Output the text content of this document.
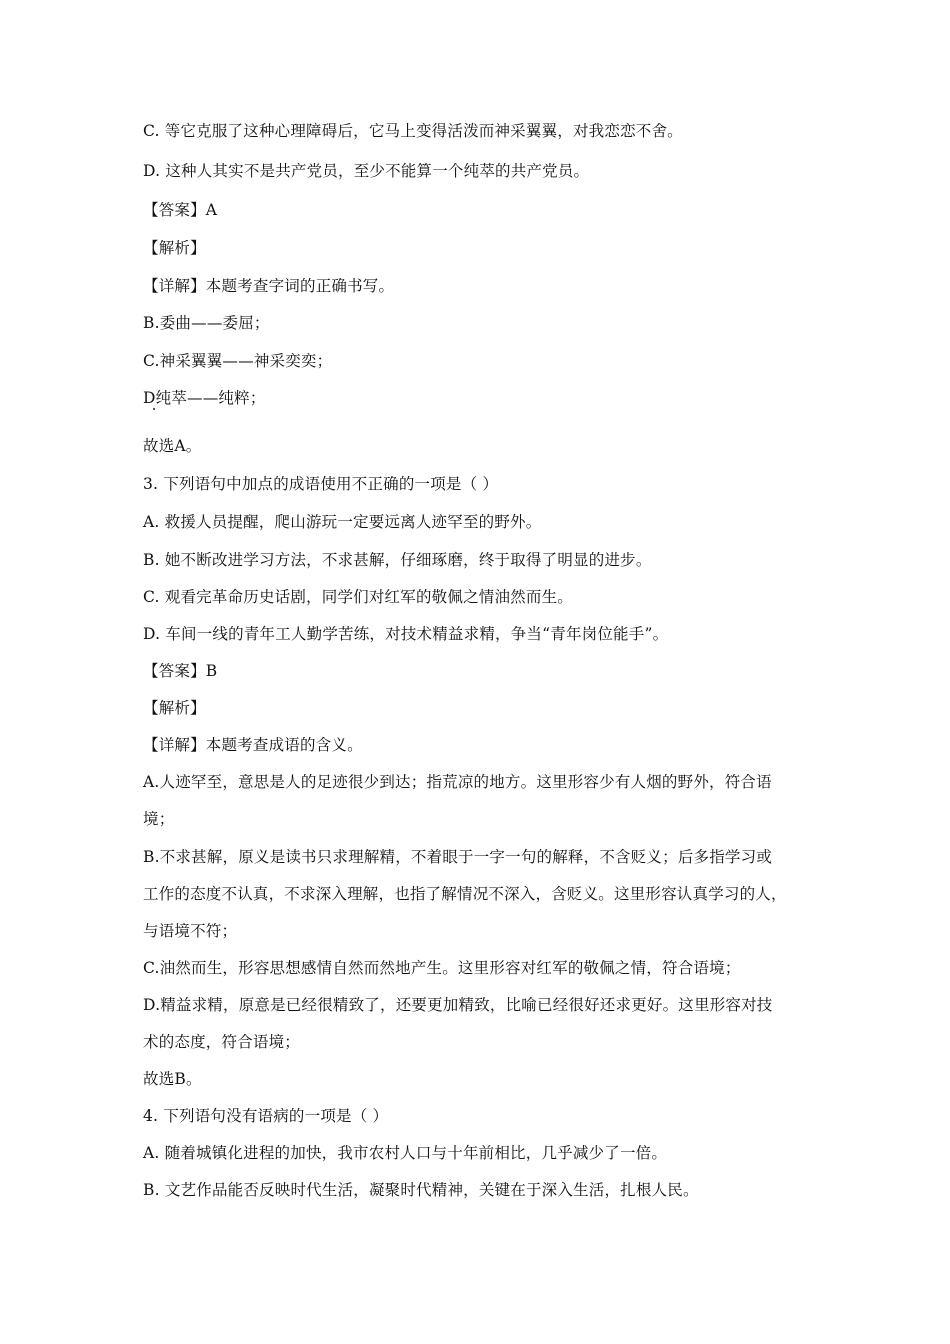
C. 等它克服了这种心理障碍后，它马上变得活泼而神采翼翼，对我恋恋不舍。
D. 这种人其实不是共产党员，至少不能算一个纯萃的共产党员。
【答案】A
【解析】
【详解】本题考查字词的正确书写。
B.委曲——委屈；
C.神采翼翼——神采奕奕；
D纯萃——纯粹；
故选A。
3. 下列语句中加点的成语使用不正确的一项是（ ）
A. 救援人员提醒，爬山游玩一定要远离人迹罕至的野外。
B. 她不断改进学习方法，不求甚解，仔细琢磨，终于取得了明显的进步。
C. 观看完革命历史话剧，同学们对红军的敬佩之情油然而生。
D. 车间一线的青年工人勤学苦练，对技术精益求精，争当“青年岗位能手”。
【答案】B
【解析】
【详解】本题考查成语的含义。
A.人迹罕至，意思是人的足迹很少到达；指荒凉的地方。这里形容少有人烟的野外，符合语
境；
B.不求甚解，原义是读书只求理解精，不着眼于一字一句的解释，不含贬义；后多指学习或
工作的态度不认真，不求深入理解，也指了解情况不深入，含贬义。这里形容认真学习的人，
与语境不符；
C.油然而生，形容思想感情自然而然地产生。这里形容对红军的敬佩之情，符合语境；
D.精益求精，原意是已经很精致了，还要更加精致，比喻已经很好还求更好。这里形容对技
术的态度，符合语境；
故选B。
4. 下列语句没有语病的一项是（ ）
A. 随着城镇化进程的加快，我市农村人口与十年前相比，几乎减少了一倍。
B. 文艺作品能否反映时代生活，凝聚时代精神，关键在于深入生活，扎根人民。
